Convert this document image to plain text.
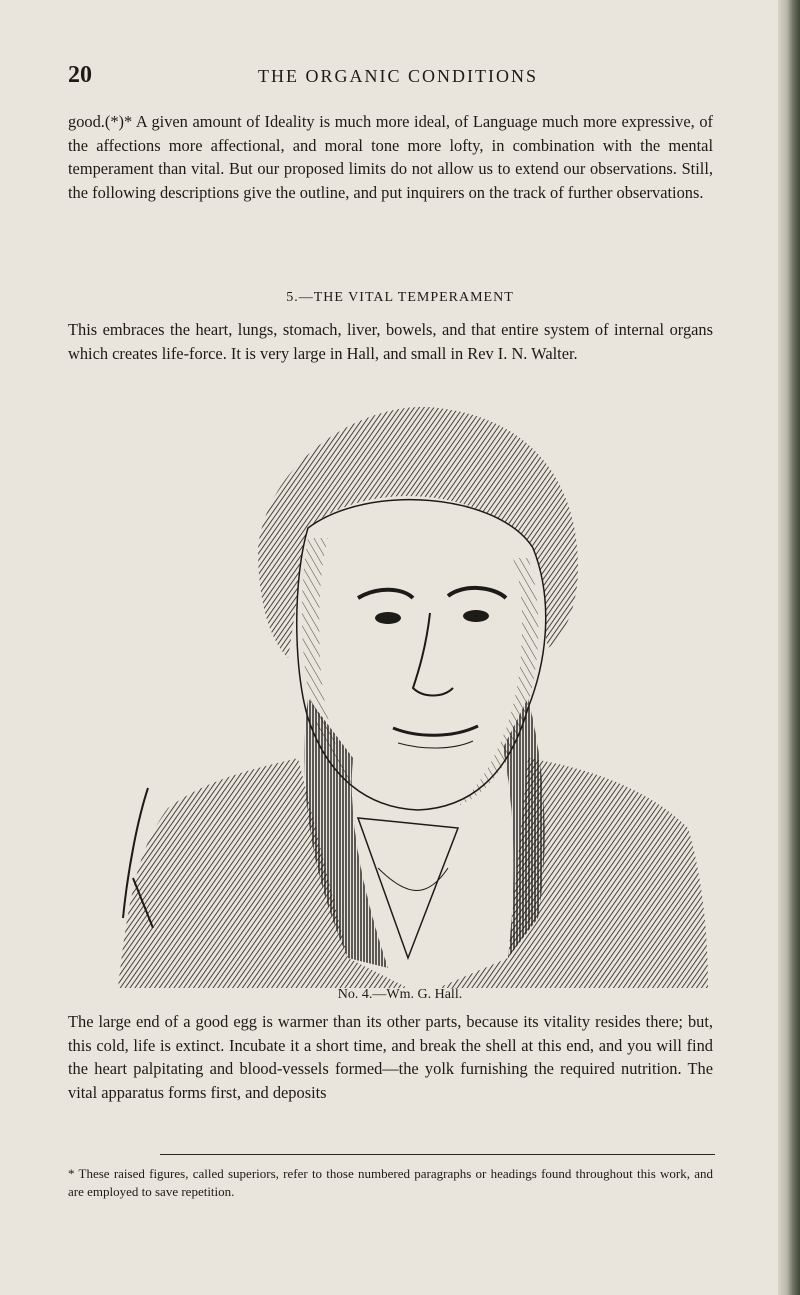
20	THE ORGANIC CONDITIONS
good.(*)* A given amount of Ideality is much more ideal, of Language much more expressive, of the affections more affectional, and moral tone more lofty, in combination with the mental temperament than vital. But our proposed limits do not allow us to extend our observations. Still, the following descriptions give the outline, and put inquirers on the track of further observations.
5.—THE VITAL TEMPERAMENT
This embraces the heart, lungs, stomach, liver, bowels, and that entire system of internal organs which creates life-force. It is very large in Hall, and small in Rev I. N. Walter.
No. 4.—Wm. G. Hall.
The large end of a good egg is warmer than its other parts, because its vitality resides there; but, this cold, life is extinct. Incubate it a short time, and break the shell at this end, and you will find the heart palpitating and blood-vessels formed—the yolk furnishing the required nutrition. The vital apparatus forms first, and deposits
* These raised figures, called superiors, refer to those numbered paragraphs or headings found throughout this work, and are employed to save repetition.
